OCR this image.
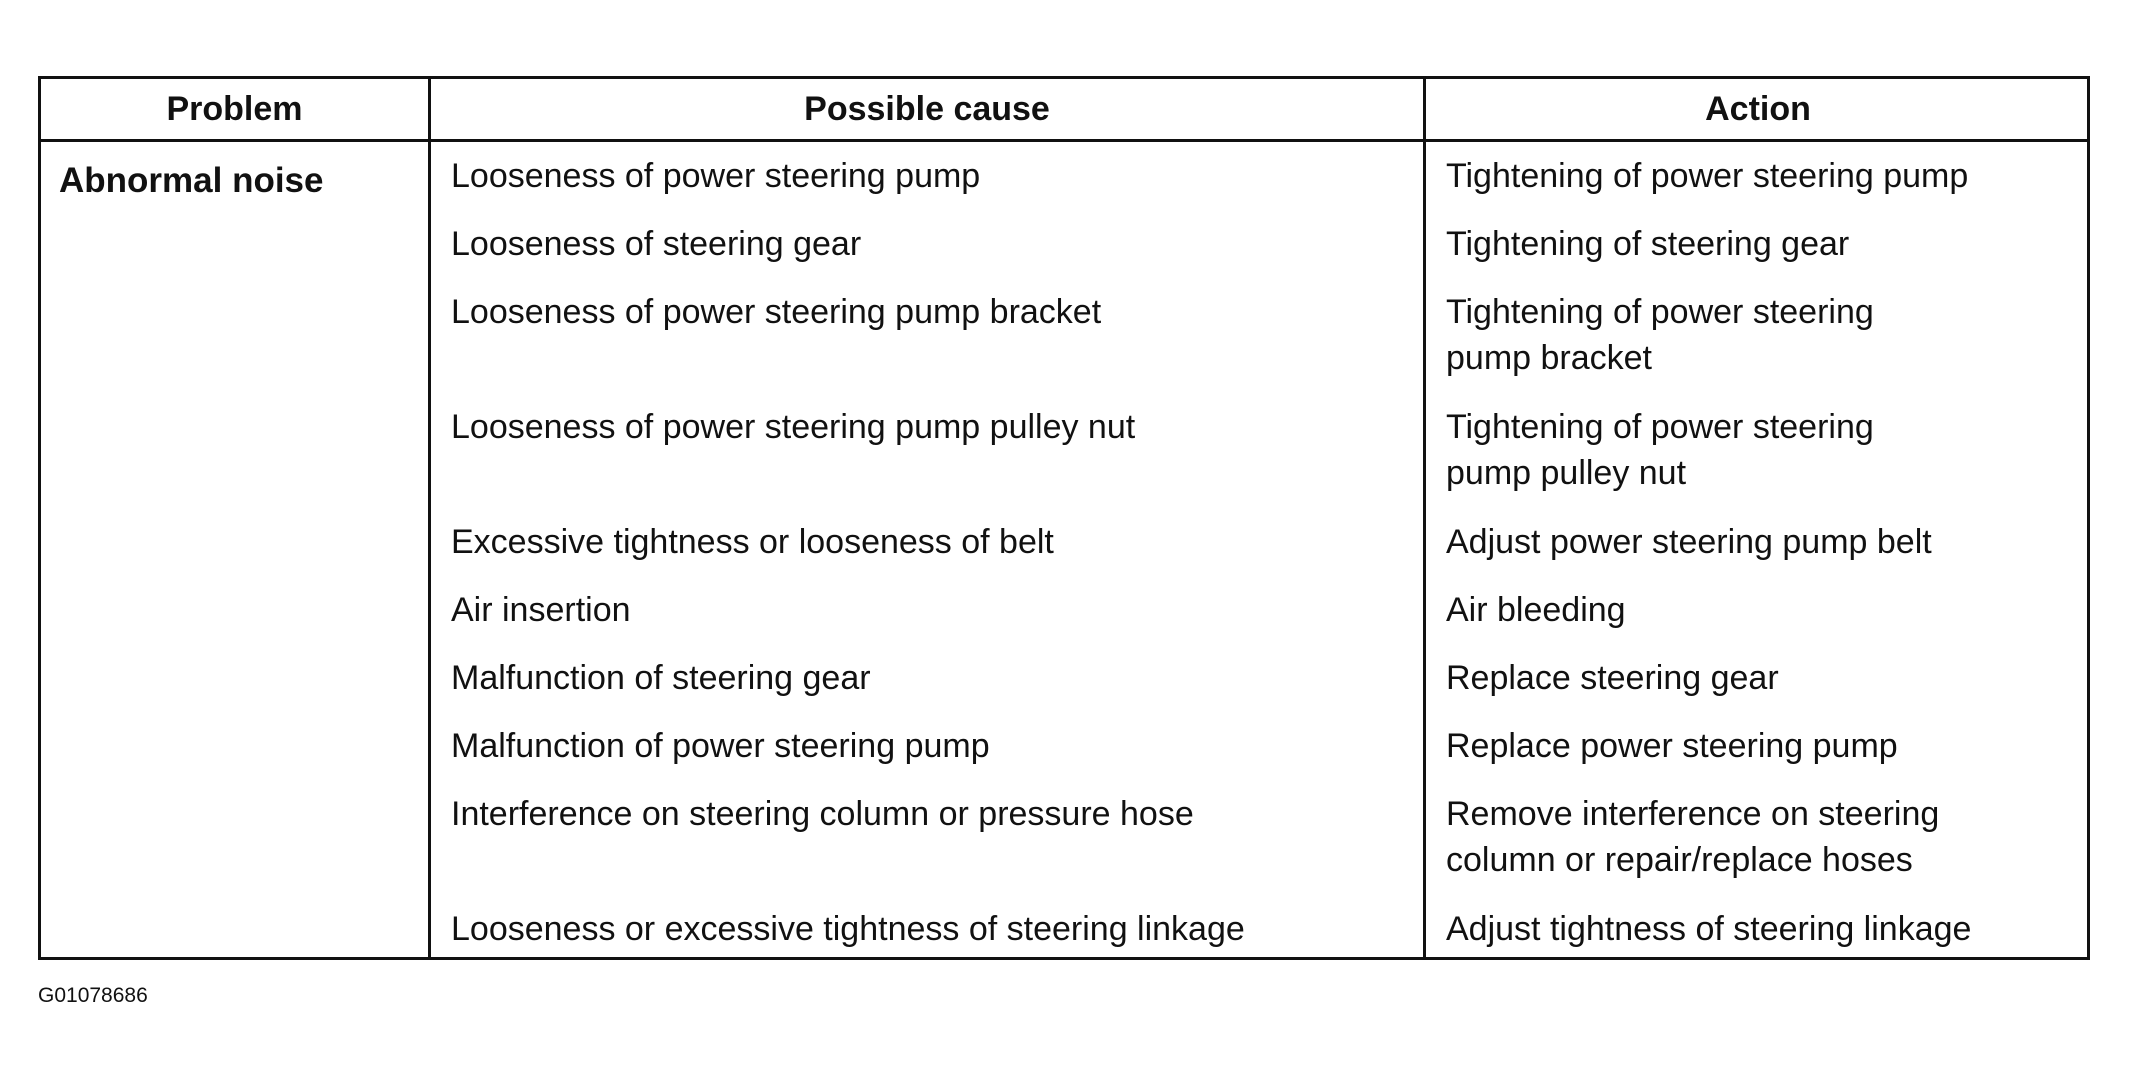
Problem	Possible cause	Action
Abnormal noise	Looseness of power steering pump	Tightening of power steering pump
Looseness of steering gear	Tightening of steering gear
Looseness of power steering pump bracket	Tightening of power steering
pump bracket
Looseness of power steering pump pulley nut	Tightening of power steering
pump pulley nut
Excessive tightness or looseness of belt	Adjust power steering pump belt
Air insertion	Air bleeding
Malfunction of steering gear	Replace steering gear
Malfunction of power steering pump	Replace power steering pump
Interference on steering column or pressure hose	Remove interference on steering
column or repair/replace hoses
Looseness or excessive tightness of steering linkage	Adjust tightness of steering linkage
G01078686
